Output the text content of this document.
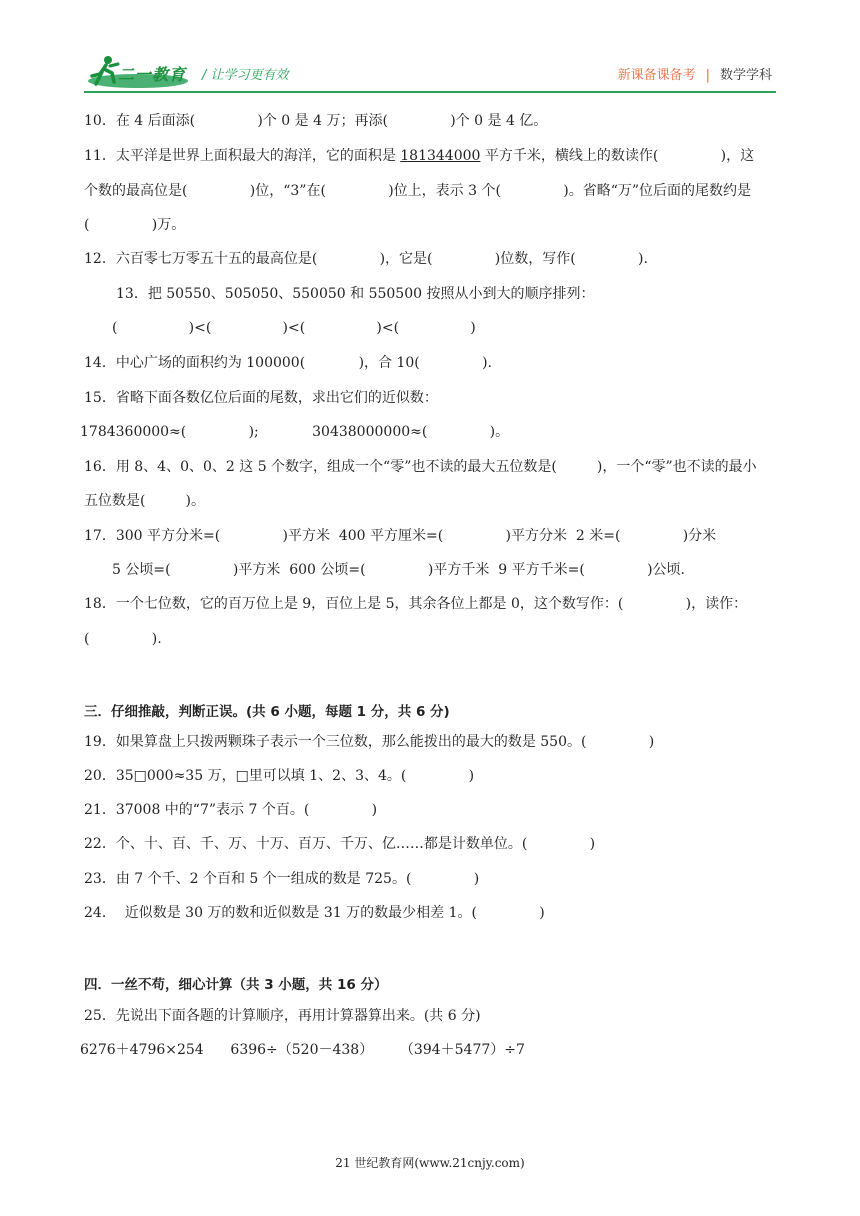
二一教育 / 让学习更有效	新课备课备考 | 数学学科
10．在 4 后面添(              )个 0 是 4 万；再添(              )个 0 是 4 亿。
11．太平洋是世界上面积最大的海洋，它的面积是 181344000 平方千米，横线上的数读作(              )，这
个数的最高位是(              )位，“3”在(              )位上，表示 3 个(              )。省略“万”位后面的尾数约是
(              )万。
12．六百零七万零五十五的最高位是(              )，它是(              )位数，写作(              ).
13．把 50550、505050、550050 和 550500 按照从小到大的顺序排列：
(                )<(                )<(                )<(                )
14．中心广场的面积约为 100000(            )，合 10(              ).
15．省略下面各数亿位后面的尾数，求出它们的近似数：
1784360000≈(              );            30438000000≈(              )。
16．用 8、4、0、0、2 这 5 个数字，组成一个“零”也不读的最大五位数是(         )，一个“零”也不读的最小
五位数是(         )。
17．300 平方分米=(              )平方米  400 平方厘米=(              )平方分米  2 米=(              )分米
5 公顷=(              )平方米  600 公顷=(              )平方千米  9 平方千米=(              )公顷.
18．一个七位数，它的百万位上是 9，百位上是 5，其余各位上都是 0，这个数写作：(              )，读作：
(              ).
三．仔细推敲，判断正误。(共 6 小题，每题 1 分，共 6 分)
19．如果算盘上只拨两颗珠子表示一个三位数，那么能拨出的最大的数是 550。(              )
20．35□000≈35 万，□里可以填 1、2、3、4。(              )
21．37008 中的“7”表示 7 个百。(              )
22．个、十、百、千、万、十万、百万、千万、亿……都是计数单位。(              )
23．由 7 个千、2 个百和 5 个一组成的数是 725。(              )
24．  近似数是 30 万的数和近似数是 31 万的数最少相差 1。(              )
四．一丝不苟，细心计算（共 3 小题，共 16 分）
25．先说出下面各题的计算顺序，再用计算器算出来。(共 6 分)
6276＋4796×254      6396÷（520－438）      （394＋5477）÷7
21 世纪教育网(www.21cnjy.com)
